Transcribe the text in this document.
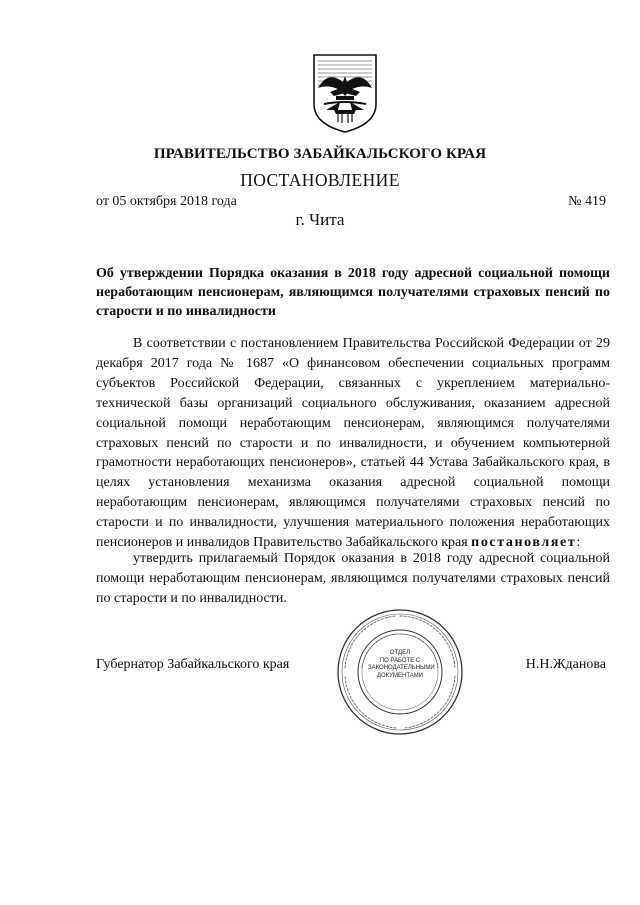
ПРАВИТЕЛЬСТВО ЗАБАЙКАЛЬСКОГО КРАЯ
ПОСТАНОВЛЕНИЕ
от 05 октября 2018 года	№ 419
г. Чита
Об утверждении Порядка оказания в 2018 году адресной социальной помощи неработающим пенсионерам, являющимся получателями страховых пенсий по старости и по инвалидности

В соответствии с постановлением Правительства Российской Федерации от 29 декабря 2017 года № 1687 «О финансовом обеспечении социальных программ субъектов Российской Федерации, связанных с укреплением материально-технической базы организаций социального обслуживания, оказанием адресной социальной помощи неработающим пенсионерам, являющимся получателями страховых пенсий по старости и по инвалидности, и обучением компьютерной грамотности неработающих пенсионеров», статьей 44 Устава Забайкальского края, в целях установления механизма оказания адресной социальной помощи неработающим пенсионерам, являющимся получателями страховых пенсий по старости и по инвалидности, улучшения материального положения неработающих пенсионеров и инвалидов Правительство Забайкальского края постановляет:

утвердить прилагаемый Порядок оказания в 2018 году адресной социальной помощи неработающим пенсионерам, являющимся получателями страховых пенсий по старости и по инвалидности.

ОТДЕЛ
ПО РАБОТЕ С
ЗАКОНОДАТЕЛЬНЫМИ
ДОКУМЕНТАМИ
Губернатор Забайкальского края	Н.Н.Жданова
